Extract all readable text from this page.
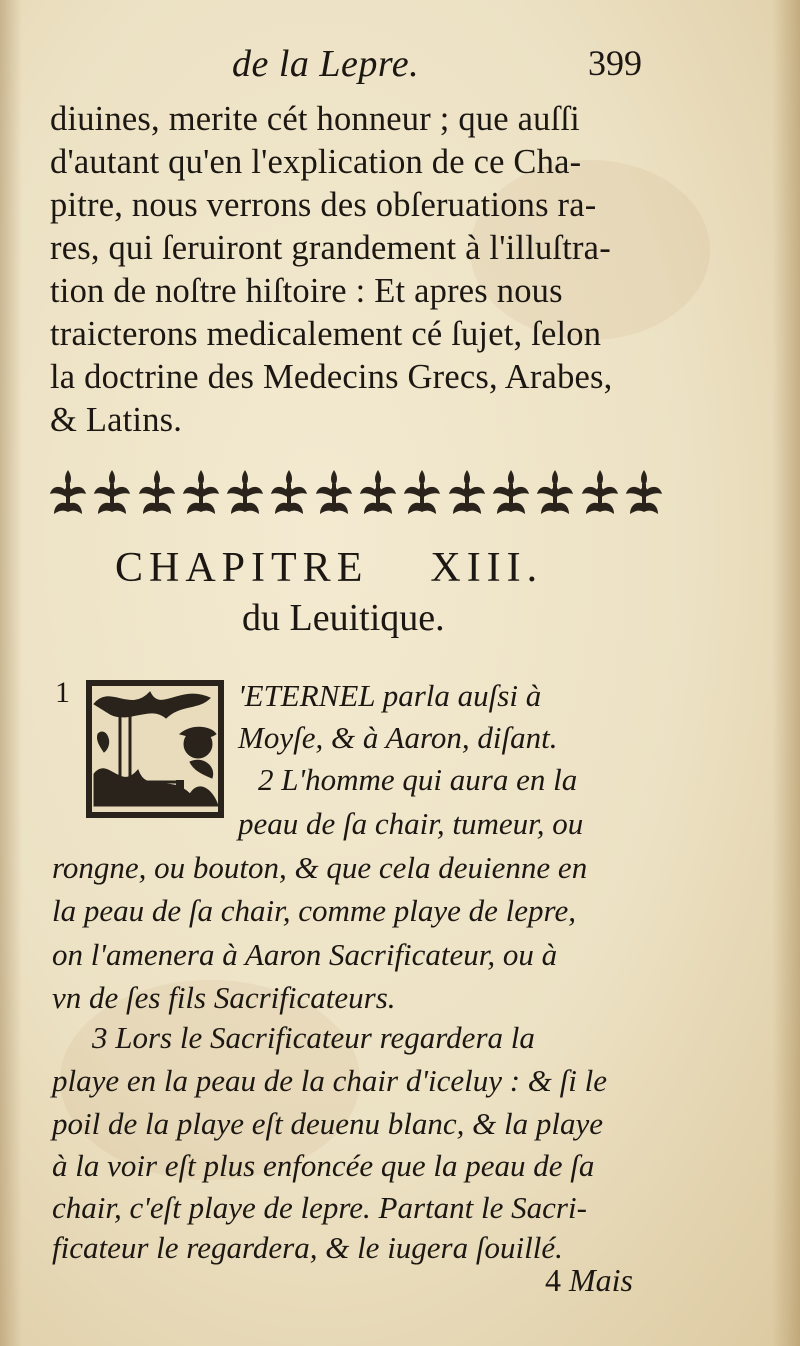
de la Lepre.	399
diuines, merite cét honneur ; que auſſi
d'autant qu'en l'explication de ce Cha-
pitre, nous verrons des obſeruations ra-
res, qui ſeruiront grandement à l'illuſtra-
tion de noſtre hiſtoire : Et apres nous
traicterons medicalement cé ſujet, ſelon
la doctrine des Medecins Grecs, Arabes,
& Latins.
CHAPITRE XIII.
du Leuitique.
1	'ETERNEL parla auſsi à
Moyſe, & à Aaron, diſant.
2 L'homme qui aura en la
peau de ſa chair, tumeur, ou
rongne, ou bouton, & que cela deuienne en
la peau de ſa chair, comme playe de lepre,
on l'amenera à Aaron Sacrificateur, ou à
vn de ſes fils Sacrificateurs.
3 Lors le Sacrificateur regardera la
playe en la peau de la chair d'iceluy : & ſi le
poil de la playe eſt deuenu blanc, & la playe
à la voir eſt plus enfoncée que la peau de ſa
chair, c'eſt playe de lepre. Partant le Sacri-
ficateur le regardera, & le iugera ſouillé.
4 Mais
